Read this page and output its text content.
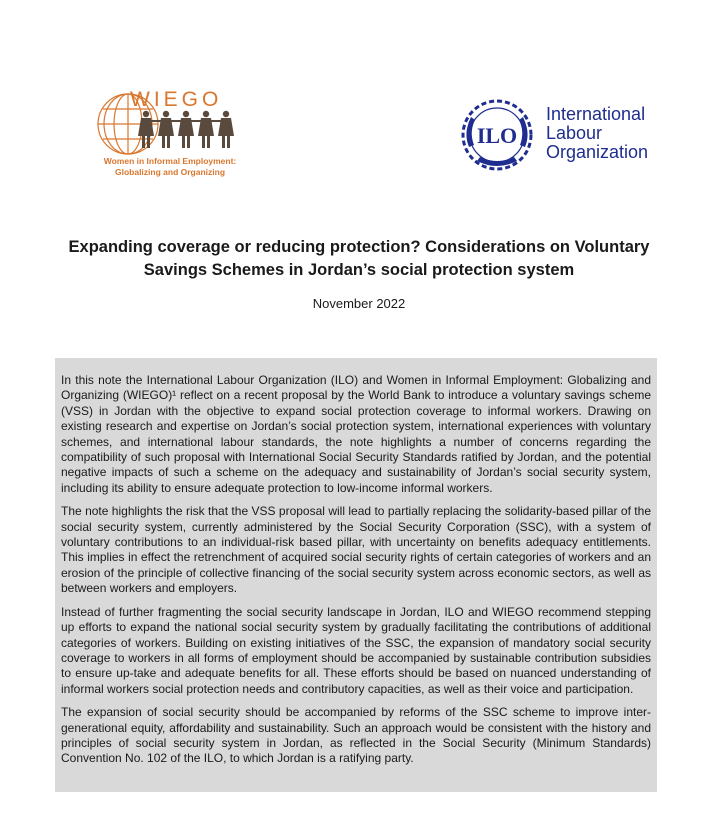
WIEGO
Women in Informal Employment:
Globalizing and Organizing
ILO
International
Labour
Organization
Expanding coverage or reducing protection? Considerations on Voluntary
Savings Schemes in Jordan’s social protection system
November 2022

In this note the International Labour Organization (ILO) and Women in Informal Employment: Globalizing and Organizing (WIEGO)¹ reflect on a recent proposal by the World Bank to introduce a voluntary savings scheme (VSS) in Jordan with the objective to expand social protection coverage to informal workers. Drawing on existing research and expertise on Jordan’s social protection system, international experiences with voluntary schemes, and international labour standards, the note highlights a number of concerns regarding the compatibility of such proposal with International Social Security Standards ratified by Jordan, and the potential negative impacts of such a scheme on the adequacy and sustainability of Jordan’s social security system, including its ability to ensure adequate protection to low-income informal workers.

The note highlights the risk that the VSS proposal will lead to partially replacing the solidarity-based pillar of the social security system, currently administered by the Social Security Corporation (SSC), with a system of voluntary contributions to an individual-risk based pillar, with uncertainty on benefits adequacy entitlements. This implies in effect the retrenchment of acquired social security rights of certain categories of workers and an erosion of the principle of collective financing of the social security system across economic sectors, as well as between workers and employers.

Instead of further fragmenting the social security landscape in Jordan, ILO and WIEGO recommend stepping up efforts to expand the national social security system by gradually facilitating the contributions of additional categories of workers. Building on existing initiatives of the SSC, the expansion of mandatory social security coverage to workers in all forms of employment should be accompanied by sustainable contribution subsidies to ensure up-take and adequate benefits for all. These efforts should be based on nuanced understanding of informal workers social protection needs and contributory capacities, as well as their voice and participation.

The expansion of social security should be accompanied by reforms of the SSC scheme to improve inter-generational equity, affordability and sustainability. Such an approach would be consistent with the history and principles of social security system in Jordan, as reflected in the Social Security (Minimum Standards) Convention No. 102 of the ILO, to which Jordan is a ratifying party.
